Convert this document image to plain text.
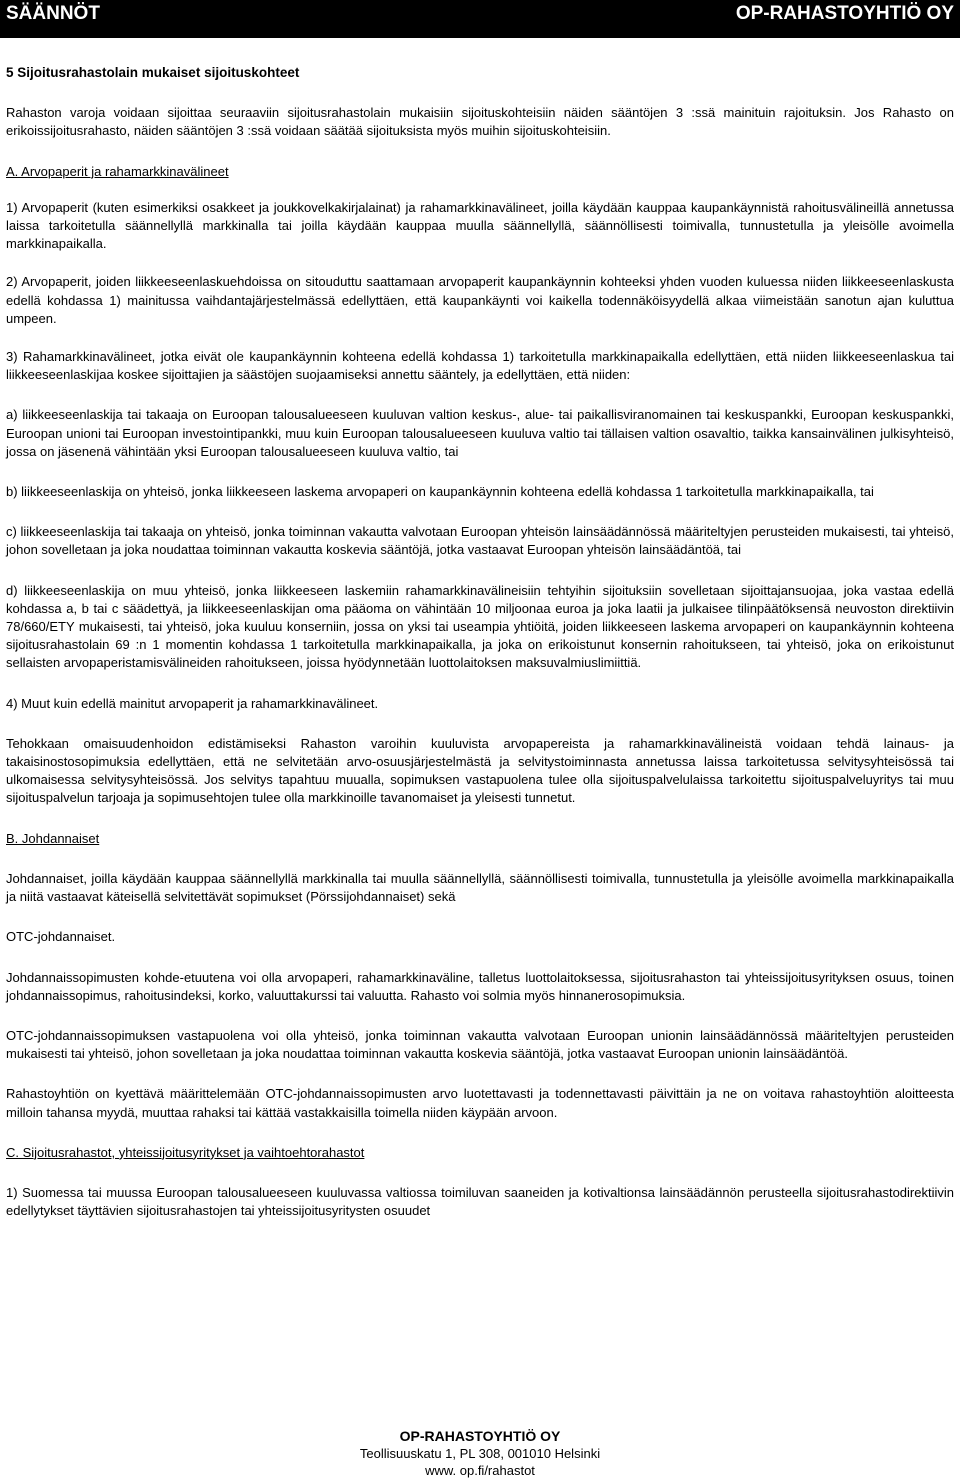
SÄÄNNÖT	OP-RAHASTOYHTIÖ OY
5 Sijoitusrahastolain mukaiset sijoituskohteet

Rahaston varoja voidaan sijoittaa seuraaviin sijoitusrahastolain mukaisiin sijoituskohteisiin näiden sääntöjen 3 :ssä mainituin rajoituksin. Jos Rahasto on erikoissijoitusrahasto, näiden sääntöjen 3 :ssä voidaan säätää sijoituksista myös muihin sijoituskohteisiin.

A. Arvopaperit ja rahamarkkinavälineet

1) Arvopaperit (kuten esimerkiksi osakkeet ja joukkovelkakirjalainat) ja rahamarkkinavälineet, joilla käydään kauppaa kaupankäynnistä rahoitusvälineillä annetussa laissa tarkoitetulla säännellyllä markkinalla tai joilla käydään kauppaa muulla säännellyllä, säännöllisesti toimivalla, tunnustetulla ja yleisölle avoimella markkinapaikalla.

2) Arvopaperit, joiden liikkeeseenlaskuehdoissa on sitouduttu saattamaan arvopaperit kaupankäynnin kohteeksi yhden vuoden kuluessa niiden liikkeeseenlaskusta edellä kohdassa 1) mainitussa vaihdantajärjestelmässä edellyttäen, että kaupankäynti voi kaikella todennäköisyydellä alkaa viimeistään sanotun ajan kuluttua umpeen.

3) Rahamarkkinavälineet, jotka eivät ole kaupankäynnin kohteena edellä kohdassa 1) tarkoitetulla markkinapaikalla edellyttäen, että niiden liikkeeseenlaskua tai liikkeeseenlaskijaa koskee sijoittajien ja säästöjen suojaamiseksi annettu sääntely, ja edellyttäen, että niiden:

a) liikkeeseenlaskija tai takaaja on Euroopan talousalueeseen kuuluvan valtion keskus-, alue- tai paikallisviranomainen tai keskuspankki, Euroopan keskuspankki, Euroopan unioni tai Euroopan investointipankki, muu kuin Euroopan talousalueeseen kuuluva valtio tai tällaisen valtion osavaltio, taikka kansainvälinen julkisyhteisö, jossa on jäsenenä vähintään yksi Euroopan talousalueeseen kuuluva valtio, tai

b) liikkeeseenlaskija on yhteisö, jonka liikkeeseen laskema arvopaperi on kaupankäynnin kohteena edellä kohdassa 1 tarkoitetulla markkinapaikalla, tai

c) liikkeeseenlaskija tai takaaja on yhteisö, jonka toiminnan vakautta valvotaan Euroopan yhteisön lainsäädännössä määriteltyjen perusteiden mukaisesti, tai yhteisö, johon sovelletaan ja joka noudattaa toiminnan vakautta koskevia sääntöjä, jotka vastaavat Euroopan yhteisön lainsäädäntöä, tai

d) liikkeeseenlaskija on muu yhteisö, jonka liikkeeseen laskemiin rahamarkkinavälineisiin tehtyihin sijoituksiin sovelletaan sijoittajansuojaa, joka vastaa edellä kohdassa a, b tai c säädettyä, ja liikkeeseenlaskijan oma pääoma on vähintään 10 miljoonaa euroa ja joka laatii ja julkaisee tilinpäätöksensä neuvoston direktiivin 78/660/ETY mukaisesti, tai yhteisö, joka kuuluu konserniin, jossa on yksi tai useampia yhtiöitä, joiden liikkeeseen laskema arvopaperi on kaupankäynnin kohteena sijoitusrahastolain 69 :n 1 momentin kohdassa 1 tarkoitetulla markkinapaikalla, ja joka on erikoistunut konsernin rahoitukseen, tai yhteisö, joka on erikoistunut sellaisten arvopaperistamisvälineiden rahoitukseen, joissa hyödynnetään luottolaitoksen maksuvalmiuslimiittiä.

4) Muut kuin edellä mainitut arvopaperit ja rahamarkkinavälineet.

Tehokkaan omaisuudenhoidon edistämiseksi Rahaston varoihin kuuluvista arvopapereista ja rahamarkkinavälineistä voidaan tehdä lainaus- ja takaisinostosopimuksia edellyttäen, että ne selvitetään arvo-osuusjärjestelmästä ja selvitystoiminnasta annetussa laissa tarkoitetussa selvitysyhteisössä tai ulkomaisessa selvitysyhteisössä. Jos selvitys tapahtuu muualla, sopimuksen vastapuolena tulee olla sijoituspalvelulaissa tarkoitettu sijoituspalveluyritys tai muu sijoituspalvelun tarjoaja ja sopimusehtojen tulee olla markkinoille tavanomaiset ja yleisesti tunnetut.

B. Johdannaiset

Johdannaiset, joilla käydään kauppaa säännellyllä markkinalla tai muulla säännellyllä, säännöllisesti toimivalla, tunnustetulla ja yleisölle avoimella markkinapaikalla ja niitä vastaavat käteisellä selvitettävät sopimukset (Pörssijohdannaiset) sekä

OTC-johdannaiset.

Johdannaissopimusten kohde-etuutena voi olla arvopaperi, rahamarkkinaväline, talletus luottolaitoksessa, sijoitusrahaston tai yhteissijoitusyrityksen osuus, toinen johdannaissopimus, rahoitusindeksi, korko, valuuttakurssi tai valuutta. Rahasto voi solmia myös hinnanerosopimuksia.

OTC-johdannaissopimuksen vastapuolena voi olla yhteisö, jonka toiminnan vakautta valvotaan Euroopan unionin lainsäädännössä määriteltyjen perusteiden mukaisesti tai yhteisö, johon sovelletaan ja joka noudattaa toiminnan vakautta koskevia sääntöjä, jotka vastaavat Euroopan unionin lainsäädäntöä.

Rahastoyhtiön on kyettävä määrittelemään OTC-johdannaissopimusten arvo luotettavasti ja todennettavasti päivittäin ja ne on voitava rahastoyhtiön aloitteesta milloin tahansa myydä, muuttaa rahaksi tai kättää vastakkaisilla toimella niiden käypään arvoon.

C. Sijoitusrahastot, yhteissijoitusyritykset ja vaihtoehtorahastot

1) Suomessa tai muussa Euroopan talousalueeseen kuuluvassa valtiossa toimiluvan saaneiden ja kotivaltionsa lainsäädännön perusteella sijoitusrahastodirektiivin edellytykset täyttävien sijoitusrahastojen tai yhteissijoitusyritysten osuudet

OP-RAHASTOYHTIÖ OY
Teollisuuskatu 1, PL 308, 001010 Helsinki
www. op.fi/rahastot
